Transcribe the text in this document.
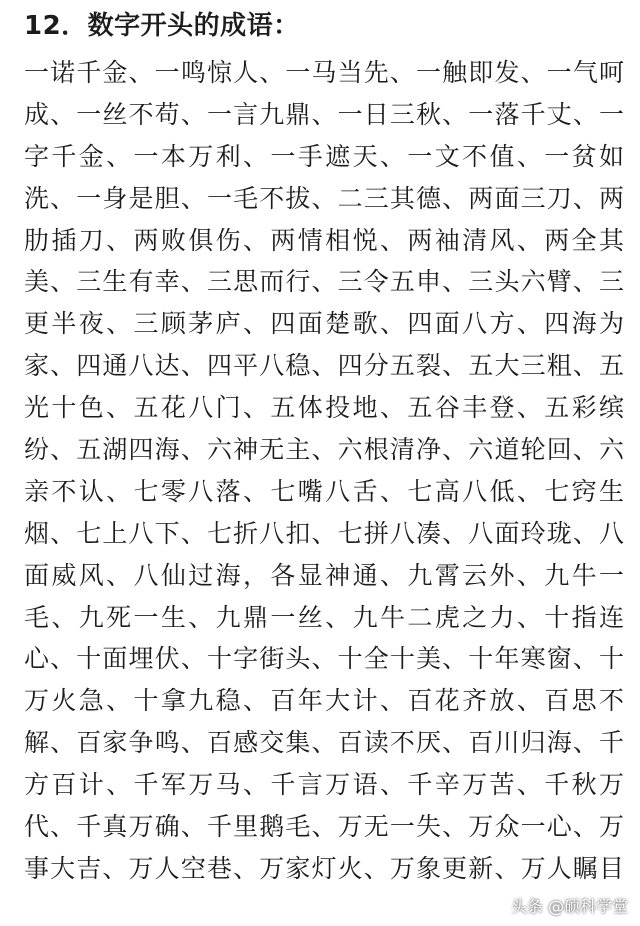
12．数字开头的成语：
一诺千金、一鸣惊人、一马当先、一触即发、一气呵
成、一丝不苟、一言九鼎、一日三秋、一落千丈、一
字千金、一本万利、一手遮天、一文不值、一贫如
洗、一身是胆、一毛不拔、二三其德、两面三刀、两
肋插刀、两败俱伤、两情相悦、两袖清风、两全其
美、三生有幸、三思而行、三令五申、三头六臂、三
更半夜、三顾茅庐、四面楚歌、四面八方、四海为
家、四通八达、四平八稳、四分五裂、五大三粗、五
光十色、五花八门、五体投地、五谷丰登、五彩缤
纷、五湖四海、六神无主、六根清净、六道轮回、六
亲不认、七零八落、七嘴八舌、七高八低、七窍生
烟、七上八下、七折八扣、七拼八凑、八面玲珑、八
面威风、八仙过海，各显神通、九霄云外、九牛一
毛、九死一生、九鼎一丝、九牛二虎之力、十指连
心、十面埋伏、十字街头、十全十美、十年寒窗、十
万火急、十拿九稳、百年大计、百花齐放、百思不
解、百家争鸣、百感交集、百读不厌、百川归海、千
方百计、千军万马、千言万语、千辛万苦、千秋万
代、千真万确、千里鹅毛、万无一失、万众一心、万
事大吉、万人空巷、万家灯火、万象更新、万人瞩目
头条 @硕科学堂
